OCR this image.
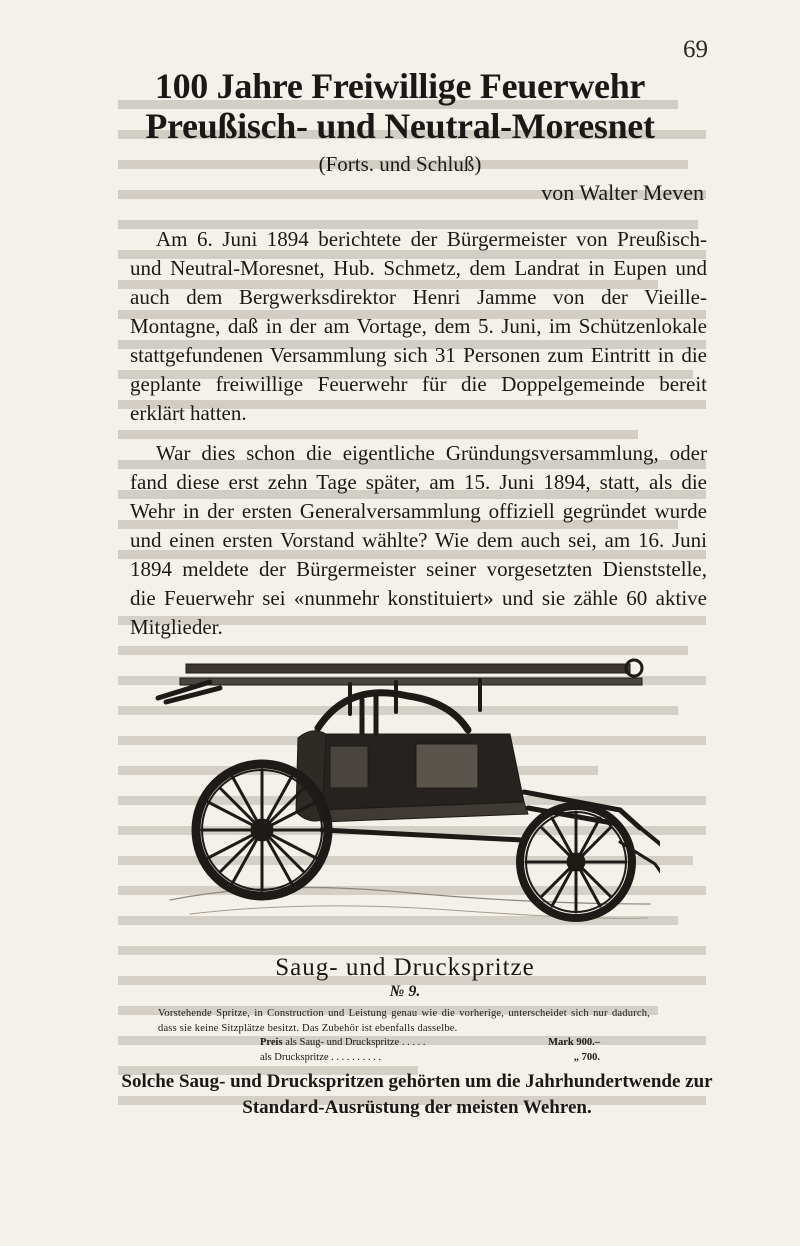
69
100 Jahre Freiwillige Feuerwehr
Preußisch- und Neutral-Moresnet
(Forts. und Schluß)
von Walter Meven

Am 6. Juni 1894 berichtete der Bürgermeister von Preußisch- und Neutral-Moresnet, Hub. Schmetz, dem Landrat in Eupen und auch dem Bergwerksdirektor Henri Jamme von der Vieille-Montagne, daß in der am Vortage, dem 5. Juni, im Schützenlokale stattgefundenen Versammlung sich 31 Personen zum Eintritt in die geplante freiwillige Feuerwehr für die Doppelgemeinde bereit erklärt hatten.

War dies schon die eigentliche Gründungsversammlung, oder fand diese erst zehn Tage später, am 15. Juni 1894, statt, als die Wehr in der ersten Generalversammlung offiziell gegründet wurde und einen ersten Vorstand wählte? Wie dem auch sei, am 16. Juni 1894 meldete der Bürgermeister seiner vorgesetzten Dienststelle, die Feuerwehr sei «nunmehr konstituiert» und sie zähle 60 aktive Mitglieder.

Saug- und Druckspritze
№ 9.
Vorstehende Spritze, in Construction und Leistung genau wie die vorherige, unterscheidet sich nur dadurch, dass sie keine Sitzplätze besitzt. Das Zubehör ist ebenfalls dasselbe.
Preis als Saug- und Druckspritze . . . . .	Mark 900.–
als Druckspritze . . . . . . . . . .	„ 700.
Solche Saug- und Druckspritzen gehörten um die Jahrhundertwende zur Standard-Ausrüstung der meisten Wehren.
